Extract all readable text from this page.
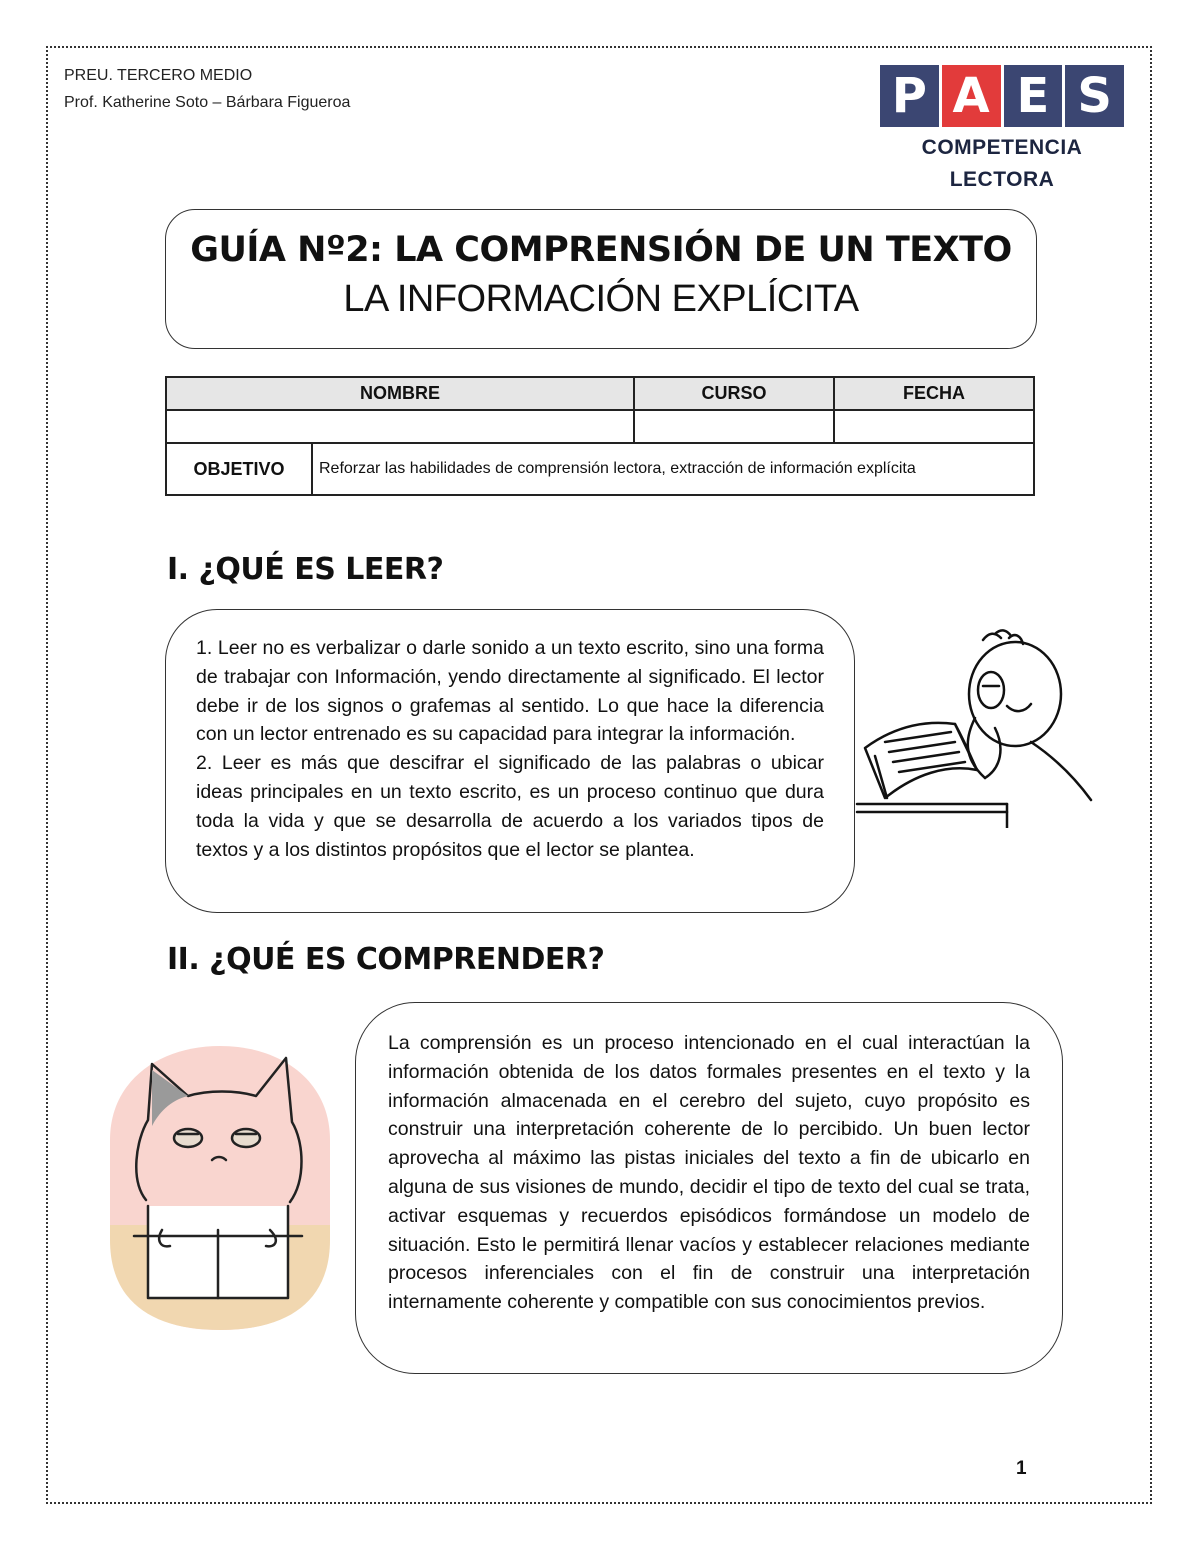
PREU. TERCERO MEDIO
Prof. Katherine Soto – Bárbara Figueroa	P A E S
COMPETENCIA
LECTORA
GUÍA Nº2: LA COMPRENSIÓN DE UN TEXTO
LA INFORMACIÓN EXPLÍCITA
NOMBRE		CURSO	FECHA

OBJETIVO	Reforzar las habilidades de comprensión lectora, extracción de información explícita		
I. ¿QUÉ ES LEER?

1. Leer no es verbalizar o darle sonido a un texto escrito, sino una forma de trabajar con Información, yendo directamente al significado. El lector debe ir de los signos o grafemas al sentido. Lo que hace la diferencia con un lector entrenado es su capacidad para integrar la información.

2. Leer es más que descifrar el significado de las palabras o ubicar ideas principales en un texto escrito, es un proceso continuo que dura toda la vida y que se desarrolla de acuerdo a los variados tipos de textos y a los distintos propósitos que el lector se plantea.

II. ¿QUÉ ES COMPRENDER?

La comprensión es un proceso intencionado en el cual interactúan la información obtenida de los datos formales presentes en el texto y la información almacenada en el cerebro del sujeto, cuyo propósito es construir una interpretación coherente de lo percibido. Un buen lector aprovecha al máximo las pistas iniciales del texto a fin de ubicarlo en alguna de sus visiones de mundo, decidir el tipo de texto del cual se trata, activar esquemas y recuerdos episódicos formándose un modelo de situación. Esto le permitirá llenar vacíos y establecer relaciones mediante procesos inferenciales con el fin de construir una interpretación internamente coherente y compatible con sus conocimientos previos.

1
